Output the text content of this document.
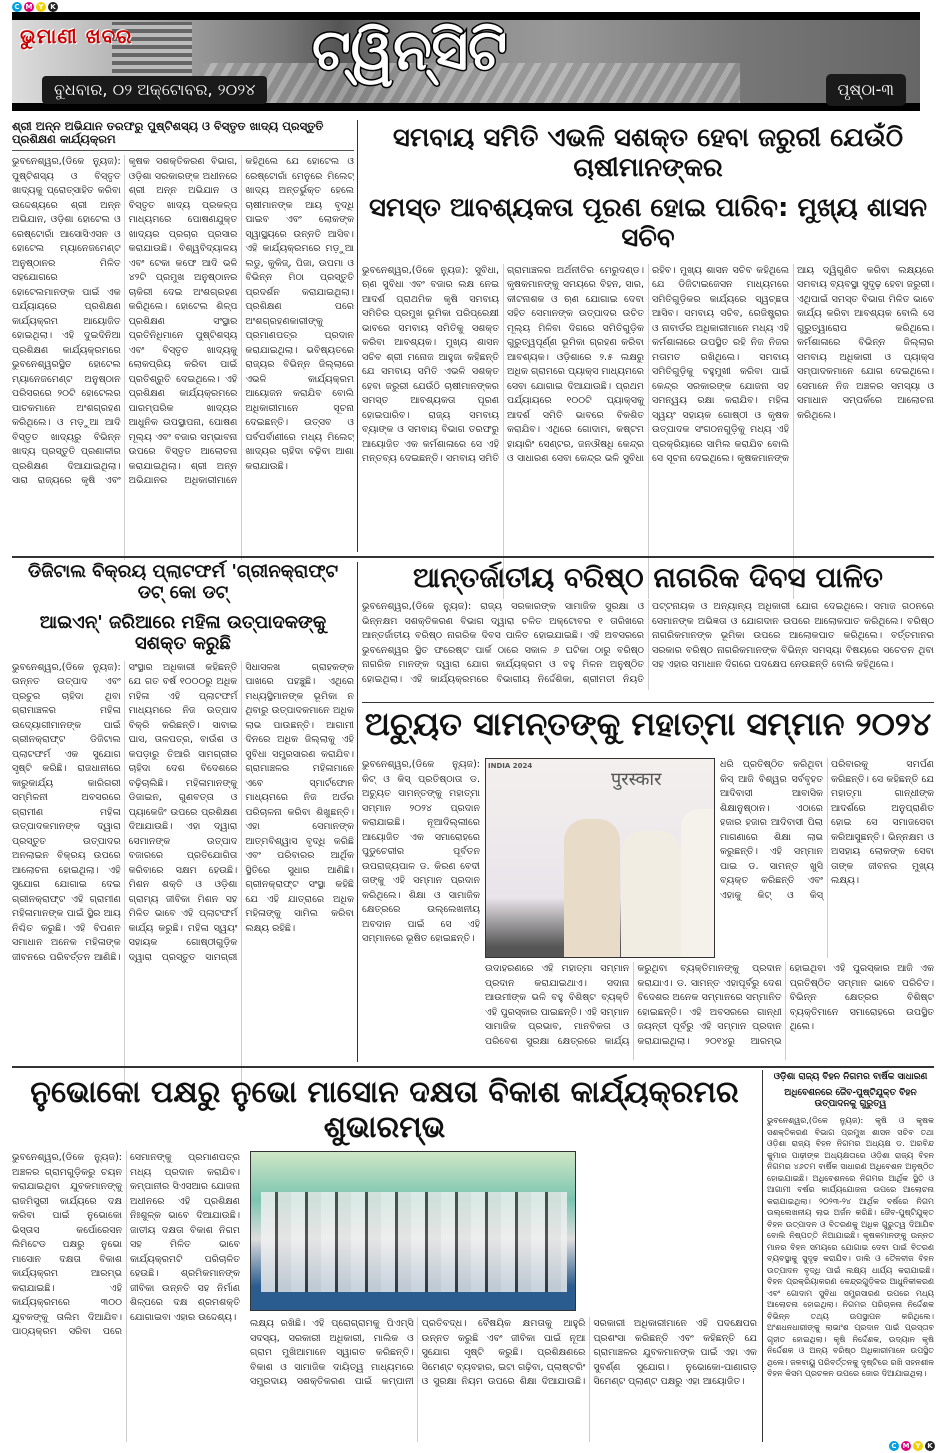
C M Y K
ଭୁମାଣୀ ଖବର	ଟ୍ୱିନ୍‌ସିଟି
ବୁଧବାର, ୦୨ ଅକ୍ଟୋବର, ୨୦୨୪	ପୃଷ୍ଠା-୩
ଶ୍ରୀ ଅନ୍ନ ଅଭିଯାନ ତରଫରୁ ପୁଷ୍ଟିଶସ୍ୟ ଓ ବିସ୍ତୃତ ଖାଦ୍ୟ ପ୍ରସ୍ତୁତି ପ୍ରଶିକ୍ଷଣ କାର୍ଯ୍ୟକ୍ରମ
ଭୁବନେଶ୍ୱର,(ଡିକେ ନ୍ୟୁଜ): ପୁଷ୍ଟିଶସ୍ୟ ଓ ବିସ୍ତୃତ ଖାଦ୍ୟକୁ ପ୍ରୋତ୍ସାହିତ କରିବା ଉଦ୍ଦେଶ୍ୟରେ ଶ୍ରୀ ଅନ୍ନ ଅଭିଯାନ, ଓଡ଼ିଶା ହୋଟେଲ ଓ ରେଷ୍ଟୋରାଁ ଆସୋସିଏସନ ଓ ହୋଟେଲ ମ୍ୟାନେଜମେଣ୍ଟ ଅନୁଷ୍ଠାନର ମିଳିତ ସହଯୋଗରେ ହୋଟେଲମାନଙ୍କ ପାଇଁ ଏକ ପର୍ଯ୍ୟାୟରେ ପ୍ରଶିକ୍ଷଣ କାର୍ଯ୍ୟକ୍ରମ ଆୟୋଜିତ ହୋଇଥିଲା। ଏହି ଦୁଇଦିନିଆ ପ୍ରଶିକ୍ଷଣ କାର୍ଯ୍ୟକ୍ରମରେ ଭୁବନେଶ୍ୱରସ୍ଥିତ ହୋଟେଲ ମ୍ୟାନେଜମେଣ୍ଟ ଅନୁଷ୍ଠାନ ପରିସରରେ ୨୦ଟି ହୋଟେଲର ପାଚକମାନେ ଅଂଶଗ୍ରହଣ କରିଥିଲେ। ଓ ମଡ଼ୁଆ ଆଦି ବିସ୍ତୃତ ଖାଦ୍ୟରୁ ବିଭିନ୍ନ ଖାଦ୍ୟ ପ୍ରସ୍ତୁତି ପ୍ରଣାଳୀର ପ୍ରଶିକ୍ଷଣ ଦିଆଯାଇଥିଲା। ସାରା ରାଜ୍ୟରେ କୃଷି ଏବଂ କୃଷକ ସଶକ୍ତିକରଣ ବିଭାଗ, ଓଡ଼ିଶା ସରକାରଙ୍କ ଅଧୀନରେ ଶ୍ରୀ ଅନ୍ନ ଅଭିଯାନ ଓ ବିସ୍ତୃତ ଖାଦ୍ୟ ପ୍ରକଳ୍ପ ମାଧ୍ୟମରେ ପୋଷଣଯୁକ୍ତ ଖାଦ୍ୟର ପ୍ରଚାର ପ୍ରସାର କରାଯାଉଛି। ବିଶ୍ୱବିଦ୍ୟାଳୟ ଏବଂ ଟେକା କଫେ ଆଦି ଭଳି ୪୨ଟି ପ୍ରମୁଖ ଅନୁଷ୍ଠାନର ଚାକିରୀ ଦେଇ ଅଂଶଗ୍ରହଣ କରିଥିଲେ। ହୋଟେଲ ଶିଳ୍ପ ପ୍ରଶିକ୍ଷଣ ସଂସ୍ଥାର ପ୍ରତିନିଧିମାନେ ପୁଷ୍ଟିଶସ୍ୟ ଏବଂ ବିସ୍ତୃତ ଖାଦ୍ୟକୁ ଲୋକପ୍ରିୟ କରିବା ପାଇଁ ପ୍ରତିଶ୍ରୁତି ଦେଇଥିଲେ। ଏହି ପ୍ରଶିକ୍ଷଣ କାର୍ଯ୍ୟକ୍ରମରେ ପାରମ୍ପରିକ ଖାଦ୍ୟର ଆଧୁନିକ ଉପସ୍ଥାପନା, ପୋଷଣ ମୂଲ୍ୟ ଏବଂ ବଜାର ସମ୍ଭାବନା ଉପରେ ବିସ୍ତୃତ ଆଲୋଚନା କରାଯାଇଥିଲା। ଶ୍ରୀ ଅନ୍ନ ଅଭିଯାନର ଅଧିକାରୀମାନେ କହିଥିଲେ ଯେ ହୋଟେଲ ଓ ରେଷ୍ଟୋରାଁ ମେନୁରେ ମିଲେଟ୍ ଖାଦ୍ୟ ଅନ୍ତର୍ଭୁକ୍ତ ହେଲେ ଚାଷୀମାନଙ୍କ ଆୟ ବୃଦ୍ଧି ପାଇବ ଏବଂ ଲୋକଙ୍କ ସ୍ୱାସ୍ଥ୍ୟରେ ଉନ୍ନତି ଆସିବ। ଏହି କାର୍ଯ୍ୟକ୍ରମରେ ମଡ଼ୁଆ ଲଡୁ, କୁକିଜ୍, ପିଜା, ଉପମା ଓ ବିଭିନ୍ନ ମିଠା ପ୍ରସ୍ତୁତି ପ୍ରଦର୍ଶନ କରାଯାଇଥିଲା। ପ୍ରଶିକ୍ଷଣ ପରେ ଅଂଶଗ୍ରହଣକାରୀଙ୍କୁ ପ୍ରମାଣପତ୍ର ପ୍ରଦାନ କରାଯାଇଥିଲା। ଭବିଷ୍ୟତରେ ରାଜ୍ୟର ବିଭିନ୍ନ ଜିଲ୍ଲାରେ ଏଭଳି କାର୍ଯ୍ୟକ୍ରମ ଆୟୋଜନ କରାଯିବ ବୋଲି ଅଧିକାରୀମାନେ ସୂଚନା ଦେଇଛନ୍ତି। ଉତ୍ସବ ଓ ପର୍ବପର୍ବାଣୀରେ ମଧ୍ୟ ମିଲେଟ୍ ଖାଦ୍ୟର ଚାହିଦା ବଢ଼ିବା ଆଶା କରାଯାଉଛି।
ସମବାୟ ସମିତି ଏଭଳି ସଶକ୍ତ ହେବା ଜରୁରୀ ଯେଉଁଠି ଚାଷୀମାନଙ୍କର
ସମସ୍ତ ଆବଶ୍ୟକତା ପୂରଣ ହୋଇ ପାରିବ: ମୁଖ୍ୟ ଶାସନ ସଚିବ
ଭୁବନେଶ୍ୱର,(ଡିକେ ନ୍ୟୁଜ): ସୁବିଧା, ଋଣ ସୁବିଧା ଏବଂ ବଜାର ଲକ୍ଷ ନେଇ ଆଦର୍ଶ ପ୍ରାଥମିକ କୃଷି ସମବାୟ ସମିତିର ପ୍ରମୁଖ ଭୂମିକା ପରିପ୍ରେକ୍ଷୀ ଭାବରେ ସମବାୟ ସମିତିକୁ ସଶକ୍ତ କରିବା ଆବଶ୍ୟକ। ମୁଖ୍ୟ ଶାସନ ସଚିବ ଶ୍ରୀ ମନୋଜ ଆହୁଜା କହିଛନ୍ତି ଯେ ସମବାୟ ସମିତି ଏଭଳି ସଶକ୍ତ ହେବା ଜରୁରୀ ଯେଉଁଠି ଚାଷୀମାନଙ୍କର ସମସ୍ତ ଆବଶ୍ୟକତା ପୂରଣ ହୋଇପାରିବ। ରାଜ୍ୟ ସମବାୟ ବ୍ୟାଙ୍କ ଓ ସମବାୟ ବିଭାଗ ତରଫରୁ ଆୟୋଜିତ ଏକ କର୍ମଶାଳାରେ ସେ ଏହି ମନ୍ତବ୍ୟ ଦେଇଛନ୍ତି। ସମବାୟ ସମିତି ଗ୍ରାମାଞ୍ଚଳର ଅର୍ଥନୀତିର ମେରୁଦଣ୍ଡ। କୃଷକମାନଙ୍କୁ ସମୟରେ ବିହନ, ସାର, କୀଟନାଶକ ଓ ଋଣ ଯୋଗାଇ ଦେବା ସହିତ ସେମାନଙ୍କ ଉତ୍ପାଦର ଉଚିତ ମୂଲ୍ୟ ମିଳିବା ଦିଗରେ ସମିତିଗୁଡ଼ିକ ଗୁରୁତ୍ୱପୂର୍ଣ୍ଣ ଭୂମିକା ଗ୍ରହଣ କରିବା ଆବଶ୍ୟକ। ଓଡ଼ିଶାରେ ୨.୫ ଲକ୍ଷରୁ ଅଧିକ ଗ୍ରାମରେ ପ୍ୟାକ୍ସ ମାଧ୍ୟମରେ ସେବା ଯୋଗାଇ ଦିଆଯାଉଛି। ପ୍ରଥମ ପର୍ଯ୍ୟାୟରେ ୧୦୦ଟି ପ୍ୟାକ୍ସକୁ ଆଦର୍ଶ ସମିତି ଭାବରେ ବିକଶିତ କରାଯିବ। ଏଥିରେ ଗୋଦାମ, କଷ୍ଟମ ହାୟାରିଂ ସେଣ୍ଟର, ଜନଔଷଧି କେନ୍ଦ୍ର ଓ ସାଧାରଣ ସେବା କେନ୍ଦ୍ର ଭଳି ସୁବିଧା ରହିବ। ମୁଖ୍ୟ ଶାସନ ସଚିବ କହିଥିଲେ ଯେ ଡିଜିଟାଇଜେସନ ମାଧ୍ୟମରେ ସମିତିଗୁଡ଼ିକର କାର୍ଯ୍ୟରେ ସ୍ୱଚ୍ଛତା ଆସିବ। ସମବାୟ ସଚିବ, ରେଜିଷ୍ଟ୍ରାର ଓ ନାବାର୍ଡର ଅଧିକାରୀମାନେ ମଧ୍ୟ ଏହି କର୍ମଶାଳାରେ ଉପସ୍ଥିତ ରହି ନିଜ ନିଜର ମତାମତ ରଖିଥିଲେ। ସମବାୟ ସମିତିଗୁଡ଼ିକୁ ବହୁମୁଖୀ କରିବା ପାଇଁ କେନ୍ଦ୍ର ସରକାରଙ୍କ ଯୋଜନା ସହ ସମନ୍ୱୟ ରକ୍ଷା କରାଯିବ। ମହିଳା ସ୍ୱୟଂ ସହାୟକ ଗୋଷ୍ଠୀ ଓ କୃଷକ ଉତ୍ପାଦକ ସଂଗଠନଗୁଡ଼ିକୁ ମଧ୍ୟ ଏହି ପ୍ରକ୍ରିୟାରେ ସାମିଲ କରାଯିବ ବୋଲି ସେ ସୂଚନା ଦେଇଥିଲେ। କୃଷକମାନଙ୍କ ଆୟ ଦ୍ୱିଗୁଣିତ କରିବା ଲକ୍ଷ୍ୟରେ ସମବାୟ ବ୍ୟବସ୍ଥା ସୁଦୃଢ଼ ହେବା ଜରୁରୀ। ଏଥିପାଇଁ ସମସ୍ତ ବିଭାଗ ମିଳିତ ଭାବେ କାର୍ଯ୍ୟ କରିବା ଆବଶ୍ୟକ ବୋଲି ସେ ଗୁରୁତ୍ୱାରୋପ କରିଥିଲେ। କର୍ମଶାଳାରେ ବିଭିନ୍ନ ଜିଲ୍ଲାର ସମବାୟ ଅଧିକାରୀ ଓ ପ୍ୟାକ୍ସ ସମ୍ପାଦକମାନେ ଯୋଗ ଦେଇଥିଲେ। ସେମାନେ ନିଜ ଅଞ୍ଚଳର ସମସ୍ୟା ଓ ସମାଧାନ ସମ୍ପର୍କରେ ଆଲୋଚନା କରିଥିଲେ।
ଡିଜିଟାଲ ବିକ୍ରୟ ପ୍ଲାଟଫର୍ମ 'ଗ୍ରୀନକ୍ରାଫ୍ଟ ଡଟ୍ କୋ ଡଟ୍
ଆଇଏନ୍' ଜରିଆରେ ମହିଳା ଉତ୍ପାଦକଙ୍କୁ ସଶକ୍ତ କରୁଛି
ଭୁବନେଶ୍ୱର,(ଡିକେ ନ୍ୟୁଜ): ଉନ୍ନତ ଉତ୍ପାଦ ଏବଂ ପ୍ରଚୁର ଚାହିଦା ଥିବା ଗ୍ରାମାଞ୍ଚଳର ମହିଳା ଉଦ୍ୟୋଗୀମାନଙ୍କ ପାଇଁ ଗ୍ରୀନକ୍ରାଫ୍ଟ ଡିଜିଟାଲ ପ୍ଲାଟଫର୍ମ ଏକ ସୁଯୋଗ ସୃଷ୍ଟି କରିଛି। ରାଜଧାନୀରେ କାରୁକାର୍ଯ୍ୟ କାରିଗରୀ ସମ୍ମିଳନୀ ଅବସରରେ ଗ୍ରାମୀଣ ମହିଳା ଉତ୍ପାଦକମାନଙ୍କ ଦ୍ୱାରା ପ୍ରସ୍ତୁତ ଉତ୍ପାଦର ଅନଲାଇନ ବିକ୍ରୟ ଉପରେ ଆଲୋଚନା ହୋଇଥିଲା। ଏହି ସୁଯୋଗ ଯୋଗାଇ ଦେଇ ଗ୍ରୀନକ୍ରାଫ୍ଟ ଏହି ଗ୍ରାମୀଣ ମହିଳାମାନଙ୍କ ପାଇଁ ସ୍ଥିର ଆୟ ନିଶ୍ଚିତ କରୁଛି। ଏହି ବିପଣନ ସମାଧାନ ଅନେକ ମହିଳାଙ୍କ ଜୀବନରେ ପରିବର୍ତ୍ତନ ଆଣିଛି। ସଂସ୍ଥାର ଅଧିକାରୀ କହିଛନ୍ତି ଯେ ଗତ ବର୍ଷ ୧୦୦୦ରୁ ଅଧିକ ମହିଳା ଏହି ପ୍ଲାଟଫର୍ମ ମାଧ୍ୟମରେ ନିଜ ଉତ୍ପାଦ ବିକ୍ରି କରିଛନ୍ତି। ସାବାଇ ଘାସ, ତାଳପତ୍ର, ବାଉଁଶ ଓ କପଡ଼ାରୁ ତିଆରି ସାମଗ୍ରୀର ଚାହିଦା ଦେଶ ବିଦେଶରେ ବଢ଼ିଚାଲିଛି। ମହିଳାମାନଙ୍କୁ ଡିଜାଇନ, ଗୁଣବତ୍ତା ଓ ପ୍ୟାକେଜିଂ ଉପରେ ପ୍ରଶିକ୍ଷଣ ଦିଆଯାଉଛି। ଏହା ଦ୍ୱାରା ସେମାନଙ୍କ ଉତ୍ପାଦ ବଜାରରେ ପ୍ରତିଯୋଗିତା କରିବାରେ ସକ୍ଷମ ହେଉଛି। ମିଶନ ଶକ୍ତି ଓ ଓଡ଼ିଶା ଗ୍ରାମ୍ୟ ଜୀବିକା ମିଶନ ସହ ମିଳିତ ଭାବେ ଏହି ପ୍ଲାଟଫର୍ମ କାର୍ଯ୍ୟ କରୁଛି। ମହିଳା ସ୍ୱୟଂ ସହାୟକ ଗୋଷ୍ଠୀଗୁଡ଼ିକ ଦ୍ୱାରା ପ୍ରସ୍ତୁତ ସାମଗ୍ରୀ ସିଧାସଳଖ ଗ୍ରାହକଙ୍କ ପାଖରେ ପହଞ୍ଚୁଛି। ଏଥିରେ ମଧ୍ୟସ୍ଥିମାନଙ୍କ ଭୂମିକା ନ ଥିବାରୁ ଉତ୍ପାଦକମାନେ ଅଧିକ ଲାଭ ପାଉଛନ୍ତି। ଆଗାମୀ ଦିନରେ ଅଧିକ ଜିଲ୍ଲାକୁ ଏହି ସୁବିଧା ସମ୍ପ୍ରସାରଣ କରାଯିବ। ଗ୍ରାମାଞ୍ଚଳର ମହିଳାମାନେ ଏବେ ସ୍ମାର୍ଟଫୋନ ମାଧ୍ୟମରେ ନିଜ ଅର୍ଡର ପରିଚାଳନା କରିବା ଶିଖୁଛନ୍ତି। ଏହା ସେମାନଙ୍କ ଆତ୍ମବିଶ୍ୱାସ ବୃଦ୍ଧି କରିଛି ଏବଂ ପରିବାରର ଆର୍ଥିକ ସ୍ଥିତିରେ ସୁଧାର ଆଣିଛି। ଗ୍ରୀନକ୍ରାଫ୍ଟ ସଂସ୍ଥା କହିଛି ଯେ ଏହି ଯାତ୍ରାରେ ଅଧିକ ମହିଳାଙ୍କୁ ସାମିଲ କରିବା ଲକ୍ଷ୍ୟ ରହିଛି।
ଆନ୍ତର୍ଜାତୀୟ ବରିଷ୍ଠ ନାଗରିକ ଦିବସ ପାଳିତ
ଭୁବନେଶ୍ୱର,(ଡିକେ ନ୍ୟୁଜ): ରାଜ୍ୟ ସରକାରଙ୍କ ସାମାଜିକ ସୁରକ୍ଷା ଓ ଭିନ୍ନକ୍ଷମ ସଶକ୍ତିକରଣ ବିଭାଗ ଦ୍ୱାରା ଚଳିତ ଅକ୍ଟୋବର ୧ ତାରିଖରେ ଆନ୍ତର୍ଜାତୀୟ ବରିଷ୍ଠ ନାଗରିକ ଦିବସ ପାଳିତ ହୋଇଯାଇଛି। ଏହି ଅବସରରେ ଭୁବନେଶ୍ୱର ସ୍ଥିତ ଫରେଷ୍ଟ ପାର୍କ ଠାରେ ସକାଳ ୬ ଘଟିକା ଠାରୁ ବରିଷ୍ଠ ନାଗରିକ ମାନଙ୍କ ଦ୍ୱାରା ଯୋଗ କାର୍ଯ୍ୟକ୍ରମ ଓ ବହୁ ମିଳନ ଅନୁଷ୍ଠିତ ହୋଇଥିଲା। ଏହି କାର୍ଯ୍ୟକ୍ରମରେ ବିଭାଗୀୟ ନିର୍ଦ୍ଦେଶିକା, ଶ୍ରୀମତୀ ନିୟତି ପଟ୍ଟନାୟକ ଓ ଅନ୍ୟାନ୍ୟ ଅଧିକାରୀ ଯୋଗ ଦେଇଥିଲେ। ସମାଜ ଗଠନରେ ସେମାନଙ୍କ ଅଭିଜ୍ଞତା ଓ ଯୋଗଦାନ ଉପରେ ଆଲୋକପାତ କରିଥିଲେ। ବରିଷ୍ଠ ନାଗରିକମାନଙ୍କ ଭୂମିକା ଉପରେ ଆଲୋକପାତ କରିଥିଲେ। ବର୍ତ୍ତମାନର ସରକାର ବରିଷ୍ଠ ନାଗରିକମାନଙ୍କ ବିଭିନ୍ନ ସମସ୍ୟା ବିଷୟରେ ସଚେତନ ଥିବା ସହ ଏହାର ସମାଧାନ ଦିଗରେ ପଦକ୍ଷେପ ନେଉଛନ୍ତି ବୋଲି କହିଥିଲେ।
ଅଚ୍ୟୁତ ସାମନ୍ତଙ୍କୁ ମହାତ୍ମା ସମ୍ମାନ ୨୦୨୪
ଭୁବନେଶ୍ୱର,(ଡିକେ ନ୍ୟୁଜ): କିଟ୍ ଓ କିସ୍ ପ୍ରତିଷ୍ଠାତା ଡ. ଅଚ୍ୟୁତ ସାମନ୍ତଙ୍କୁ ମହାତ୍ମା ସମ୍ମାନ ୨୦୨୪ ପ୍ରଦାନ କରାଯାଇଛି। ନୂଆଦିଲ୍ଲୀରେ ଆୟୋଜିତ ଏକ ସମାରୋହରେ ପୁଡୁଚେରୀର ପୂର୍ବତନ ଉପରାଜ୍ୟପାଳ ଡ. କିରଣ ବେଦୀ ତାଙ୍କୁ ଏହି ସମ୍ମାନ ପ୍ରଦାନ କରିଥିଲେ। ଶିକ୍ଷା ଓ ସାମାଜିକ କ୍ଷେତ୍ରରେ ଉଲ୍ଲେଖନୀୟ ଅବଦାନ ପାଇଁ ସେ ଏହି ସମ୍ମାନରେ ଭୂଷିତ ହୋଇଛନ୍ତି।
INDIA 2024
पुरस्कार
ଧରି ପ୍ରତିଷ୍ଠିତ କରିଥିବା କିସ୍ ଆଜି ବିଶ୍ୱର ସର୍ବବୃହତ ଆଦିବାସୀ ଆବାସିକ ଶିକ୍ଷାନୁଷ୍ଠାନ। ଏଠାରେ ହଜାର ହଜାର ଆଦିବାସୀ ପିଲା ମାଗଣାରେ ଶିକ୍ଷା ଲାଭ କରୁଛନ୍ତି। ଏହି ସମ୍ମାନ ପାଇ ଡ. ସାମନ୍ତ ଖୁସି ବ୍ୟକ୍ତ କରିଛନ୍ତି ଏବଂ ଏହାକୁ କିଟ୍ ଓ କିସ୍ ପରିବାରକୁ ସମର୍ପଣ କରିଛନ୍ତି। ସେ କହିଛନ୍ତି ଯେ ମହାତ୍ମା ଗାନ୍ଧୀଙ୍କ ଆଦର୍ଶରେ ଅନୁପ୍ରାଣିତ ହୋଇ ସେ ସମାଜସେବା କରିଆସୁଛନ୍ତି। ଭିନ୍ନକ୍ଷମ ଓ ଅସହାୟ ଲୋକଙ୍କ ସେବା ତାଙ୍କ ଜୀବନର ମୁଖ୍ୟ ଲକ୍ଷ୍ୟ।
ଉଦାହରଣରେ ଏହି ମହାତ୍ମା ସମ୍ମାନ ପ୍ରଦାନ କରାଯାଇଥାଏ। ସଦାନା ଆଉମୀଙ୍କ ଭଳି ବହୁ ବିଶିଷ୍ଟ ବ୍ୟକ୍ତି ଏହି ପୁରସ୍କାର ପାଇଛନ୍ତି। ଏହି ସମ୍ମାନ ସାମାଜିକ ପ୍ରଭାବ, ମାନବିକତା ଓ ପରିବେଶ ସୁରକ୍ଷା କ୍ଷେତ୍ରରେ କାର୍ଯ୍ୟ କରୁଥିବା ବ୍ୟକ୍ତିମାନଙ୍କୁ ପ୍ରଦାନ କରାଯାଏ। ଡ. ସାମନ୍ତ ଏହାପୂର୍ବରୁ ଦେଶ ବିଦେଶର ଅନେକ ସମ୍ମାନରେ ସମ୍ମାନିତ ହୋଇଛନ୍ତି। ଏହି ଅବସରରେ ଗାନ୍ଧୀ ଜୟନ୍ତୀ ପୂର୍ବରୁ ଏହି ସମ୍ମାନ ପ୍ରଦାନ କରାଯାଇଥିଲା। ୨୦୧୪ରୁ ଆରମ୍ଭ ହୋଇଥିବା ଏହି ପୁରସ୍କାର ଆଜି ଏକ ପ୍ରତିଷ୍ଠିତ ସମ୍ମାନ ଭାବେ ପରିଚିତ। ବିଭିନ୍ନ କ୍ଷେତ୍ରର ବିଶିଷ୍ଟ ବ୍ୟକ୍ତିମାନେ ସମାରୋହରେ ଉପସ୍ଥିତ ଥିଲେ।
ନୁଭୋକୋ ପକ୍ଷରୁ ନୁଭୋ ମାସୋନ ଦକ୍ଷତା ବିକାଶ କାର୍ଯ୍ୟକ୍ରମର ଶୁଭାରମ୍ଭ
ଭୁବନେଶ୍ୱର,(ଡିକେ ନ୍ୟୁଜ): ଅଞ୍ଚଳର ଗ୍ରାମଗୁଡ଼ିକରୁ ଚୟନ କରାଯାଇଥିବା ଯୁବକମାନଙ୍କୁ ରାଜମିସ୍ତ୍ରୀ କାର୍ଯ୍ୟରେ ଦକ୍ଷ କରିବା ପାଇଁ ନୁଭୋକୋ ଭିସ୍ତାସ କର୍ପୋରେସନ ଲିମିଟେଡ ପକ୍ଷରୁ ନୁଭୋ ମାସୋନ ଦକ୍ଷତା ବିକାଶ କାର୍ଯ୍ୟକ୍ରମ ଆରମ୍ଭ କରାଯାଇଛି। ଏହି କାର୍ଯ୍ୟକ୍ରମରେ ୩୦୦ ଯୁବକଙ୍କୁ ତାଲିମ ଦିଆଯିବ। ପାଠ୍ୟକ୍ରମ ସରିବା ପରେ ସେମାନଙ୍କୁ ପ୍ରମାଣପତ୍ର ମଧ୍ୟ ପ୍ରଦାନ କରାଯିବ। କମ୍ପାନୀର ସିଏସଆର ଯୋଜନା ଅଧୀନରେ ଏହି ପ୍ରଶିକ୍ଷଣ ନିଃଶୁଳ୍କ ଭାବେ ଦିଆଯାଉଛି। ଜାତୀୟ ଦକ୍ଷତା ବିକାଶ ନିଗମ ସହ ମିଳିତ ଭାବେ କାର୍ଯ୍ୟକ୍ରମଟି ପରିଚାଳିତ ହେଉଛି। ଶ୍ରମିକମାନଙ୍କ ଜୀବିକା ଉନ୍ନତି ସହ ନିର୍ମାଣ ଶିଳ୍ପରେ ଦକ୍ଷ ଶ୍ରମଶକ୍ତି ଯୋଗାଇବା ଏହାର ଉଦ୍ଦେଶ୍ୟ।
ଲକ୍ଷ୍ୟ ରଖିଛି। ଏହି ପ୍ରୋଗ୍ରାମକୁ ପିଏମ୍‌ସି ସଦସ୍ୟ, ସରକାରୀ ଅଧିକାରୀ, ମାଲିକ ଓ ଗ୍ରାମ ମୁଖିଆମାନେ ସ୍ୱାଗତ କରିଛନ୍ତି। ବିକାଶ ଓ ସାମାଜିକ ଦାୟିତ୍ୱ ମାଧ୍ୟମରେ ସମ୍ପ୍ରଦାୟ ସଶକ୍ତିକରଣ ପାଇଁ କମ୍ପାନୀ ପ୍ରତିବଦ୍ଧ। ବୈଷୟିକ କ୍ଷମତାକୁ ଆହୁରି ଉନ୍ନତ କରୁଛି ଏବଂ ଜୀବିକା ପାଇଁ ନୂଆ ସୁଯୋଗ ସୃଷ୍ଟି କରୁଛି। ପ୍ରଶିକ୍ଷଣରେ ସିମେଣ୍ଟ ବ୍ୟବହାର, ଇଟା ଗଢ଼ିବା, ପ୍ଲାଷ୍ଟରିଂ ଓ ସୁରକ୍ଷା ନିୟମ ଉପରେ ଶିକ୍ଷା ଦିଆଯାଉଛି। ସରକାରୀ ଅଧିକାରୀମାନେ ଏହି ପଦକ୍ଷେପର ପ୍ରଶଂସା କରିଛନ୍ତି ଏବଂ କହିଛନ୍ତି ଯେ ଗ୍ରାମାଞ୍ଚଳର ଯୁବକମାନଙ୍କ ପାଇଁ ଏହା ଏକ ସୁବର୍ଣ୍ଣ ସୁଯୋଗ। ନୁଭୋକୋ-ପାଣାଗଡ଼ ସିମେଣ୍ଟ ପ୍ଲାଣ୍ଟ ପକ୍ଷରୁ ଏହା ଆୟୋଜିତ।
ଓଡ଼ିଶା ରାଜ୍ୟ ବିହନ ନିଗମର ବାର୍ଷିକ ସାଧାରଣ
ଅଧିବେଶନରେ ଜୈବ-ପୁଷ୍ଟିଯୁକ୍ତ ବିହନ ଉତ୍ପାଦନକୁ ଗୁରୁତ୍ୱ
ଭୁବନେଶ୍ୱର,(ଡିକେ ନ୍ୟୁଜ): କୃଷି ଓ କୃଷକ ସଶକ୍ତିକରଣ ବିଭାଗ ପ୍ରମୁଖ ଶାସନ ସଚିବ ତଥା ଓଡ଼ିଶା ରାଜ୍ୟ ବିହନ ନିଗମର ଅଧ୍ୟକ୍ଷ ଡ. ଅରବିନ୍ଦ କୁମାର ପାଢ଼ୀଙ୍କ ଅଧ୍ୟକ୍ଷତାରେ ଓଡ଼ିଶା ରାଜ୍ୟ ବିହନ ନିଗମର ୪୬ତମ ବାର୍ଷିକ ସାଧାରଣ ଅଧିବେଶନ ଅନୁଷ୍ଠିତ ହୋଇଯାଇଛି। ଅଧିବେଶନରେ ନିଗମର ଆର୍ଥିକ ସ୍ଥିତି ଓ ଆଗାମୀ ବର୍ଷର କାର୍ଯ୍ୟଯୋଜନା ଉପରେ ଆଲୋଚନା କରାଯାଇଥିଲା। ୨୦୨୩-୨୪ ଆର୍ଥିକ ବର୍ଷରେ ନିଗମ ଉଲ୍ଲେଖନୀୟ ଲାଭ ଅର୍ଜନ କରିଛି। ଜୈବ-ପୁଷ୍ଟିଯୁକ୍ତ ବିହନ ଉତ୍ପାଦନ ଓ ବିତରଣକୁ ଅଧିକ ଗୁରୁତ୍ୱ ଦିଆଯିବ ବୋଲି ନିଷ୍ପତ୍ତି ନିଆଯାଇଛି। କୃଷକମାନଙ୍କୁ ଉନ୍ନତ ମାନର ବିହନ ସମୟରେ ଯୋଗାଇ ଦେବା ପାଇଁ ବିତରଣ ବ୍ୟବସ୍ଥାକୁ ସୁଦୃଢ଼ କରାଯିବ। ଡାଲି ଓ ତୈଳବୀଜ ବିହନ ଉତ୍ପାଦନ ବୃଦ୍ଧି ପାଇଁ ଲକ୍ଷ୍ୟ ଧାର୍ଯ୍ୟ କରାଯାଇଛି। ବିହନ ପ୍ରକ୍ରିୟାକରଣ କେନ୍ଦ୍ରଗୁଡ଼ିକର ଆଧୁନିକୀକରଣ ଏବଂ ଗୋଦାମ ସୁବିଧା ସମ୍ପ୍ରସାରଣ ଉପରେ ମଧ୍ୟ ଆଲୋଚନା ହୋଇଥିଲା। ନିଗମର ପରିଚାଳନା ନିର୍ଦ୍ଦେଶକ ବିଭିନ୍ନ ତଥ୍ୟ ଉପସ୍ଥାପନ କରିଥିଲେ। ଅଂଶଧନଧାରୀଙ୍କୁ ଲାଭାଂଶ ପ୍ରଦାନ ପାଇଁ ପ୍ରସ୍ତାବ ଗୃହୀତ ହୋଇଥିଲା। କୃଷି ନିର୍ଦ୍ଦେଶକ, ଉଦ୍ୟାନ କୃଷି ନିର୍ଦ୍ଦେଶକ ଓ ଅନ୍ୟ ବରିଷ୍ଠ ଅଧିକାରୀମାନେ ଉପସ୍ଥିତ ଥିଲେ। ଜଳବାୟୁ ପରିବର୍ତ୍ତନକୁ ଦୃଷ୍ଟିରେ ରଖି ସହନଶୀଳ ବିହନ କିସମ ପ୍ରଚଳନ ଉପରେ ଜୋର ଦିଆଯାଇଥିଲା।
C M Y K
